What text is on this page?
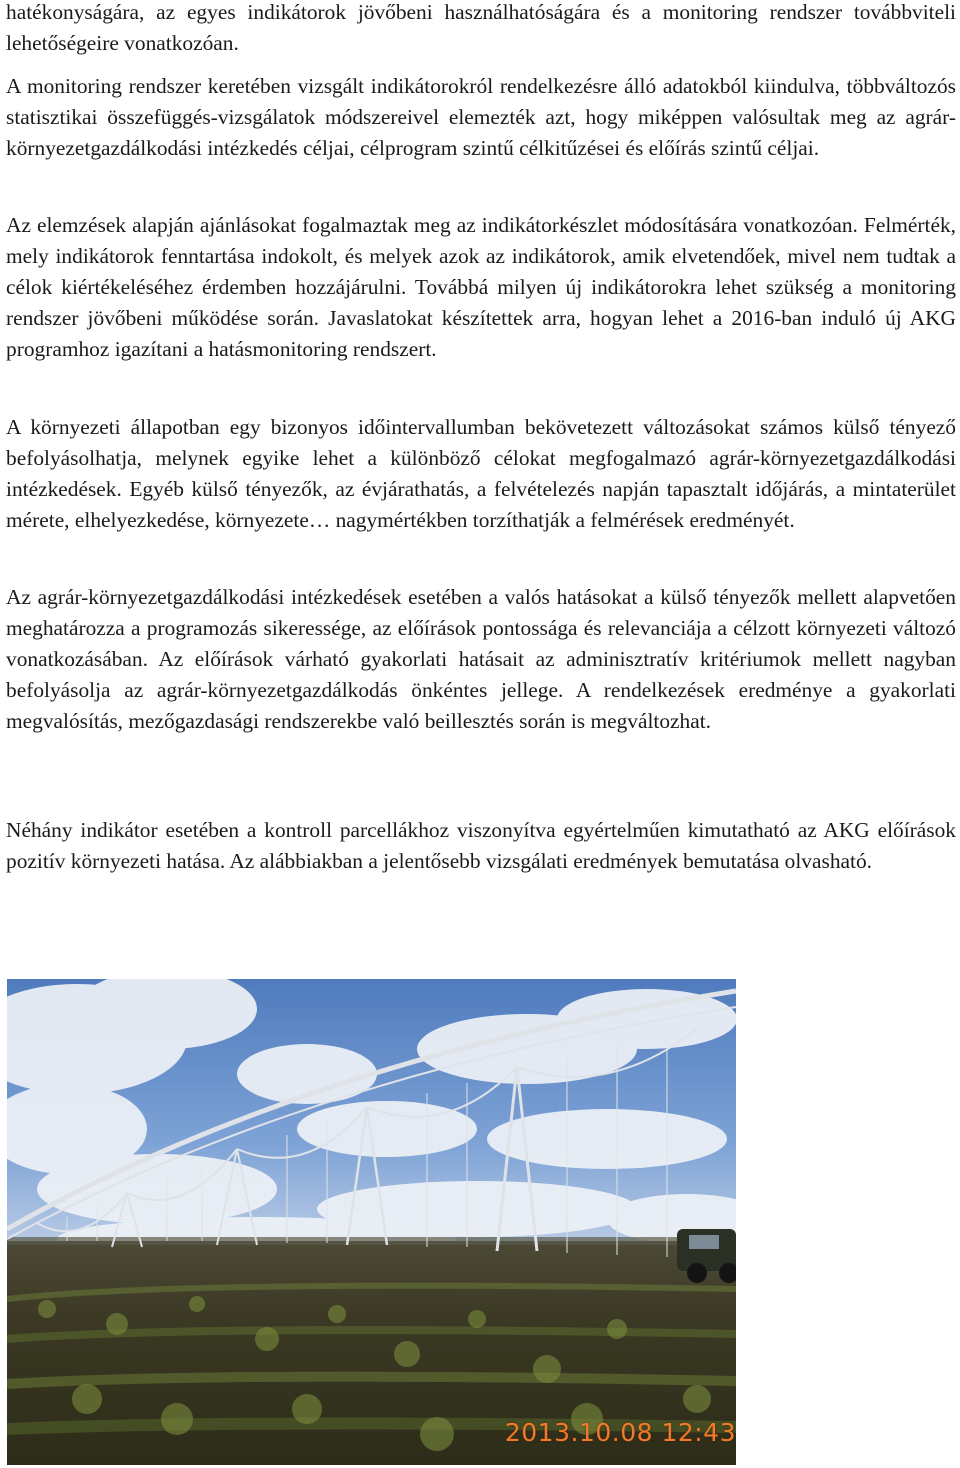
hatékonyságára, az egyes indikátorok jövőbeni használhatóságára és a monitoring rendszer továbbviteli lehetőségeire vonatkozóan.

A monitoring rendszer keretében vizsgált indikátorokról rendelkezésre álló adatokból kiindulva, többváltozós statisztikai összefüggés-vizsgálatok módszereivel elemezték azt, hogy miképpen valósultak meg az agrár-környezetgazdálkodási intézkedés céljai, célprogram szintű célkitűzései és előírás szintű céljai.

Az elemzések alapján ajánlásokat fogalmaztak meg az indikátorkészlet módosítására vonatkozóan. Felmérték, mely indikátorok fenntartása indokolt, és melyek azok az indikátorok, amik elvetendőek, mivel nem tudtak a célok kiértékeléséhez érdemben hozzájárulni. Továbbá milyen új indikátorokra lehet szükség a monitoring rendszer jövőbeni működése során. Javaslatokat készítettek arra, hogyan lehet a 2016-ban induló új AKG programhoz igazítani a hatásmonitoring rendszert.

A környezeti állapotban egy bizonyos időintervallumban bekövetezett változásokat számos külső tényező befolyásolhatja, melynek egyike lehet a különböző célokat megfogalmazó agrár-környezetgazdálkodási intézkedések. Egyéb külső tényezők, az évjárathatás, a felvételezés napján tapasztalt időjárás, a mintaterület mérete, elhelyezkedése, környezete… nagymértékben torzíthatják a felmérések eredményét.

Az agrár-környezetgazdálkodási intézkedések esetében a valós hatásokat a külső tényezők mellett alapvetően meghatározza a programozás sikeressége, az előírások pontossága és relevanciája a célzott környezeti változó vonatkozásában. Az előírások várható gyakorlati hatásait az adminisztratív kritériumok mellett nagyban befolyásolja az agrár-környezetgazdálkodás önkéntes jellege. A rendelkezések eredménye a gyakorlati megvalósítás, mezőgazdasági rendszerekbe való beillesztés során is megváltozhat.

Néhány indikátor esetében a kontroll parcellákhoz viszonyítva egyértelműen kimutatható az AKG előírások pozitív környezeti hatása. Az alábbiakban a jelentősebb vizsgálati eredmények bemutatása olvasható.

2013.10.08 12:43
